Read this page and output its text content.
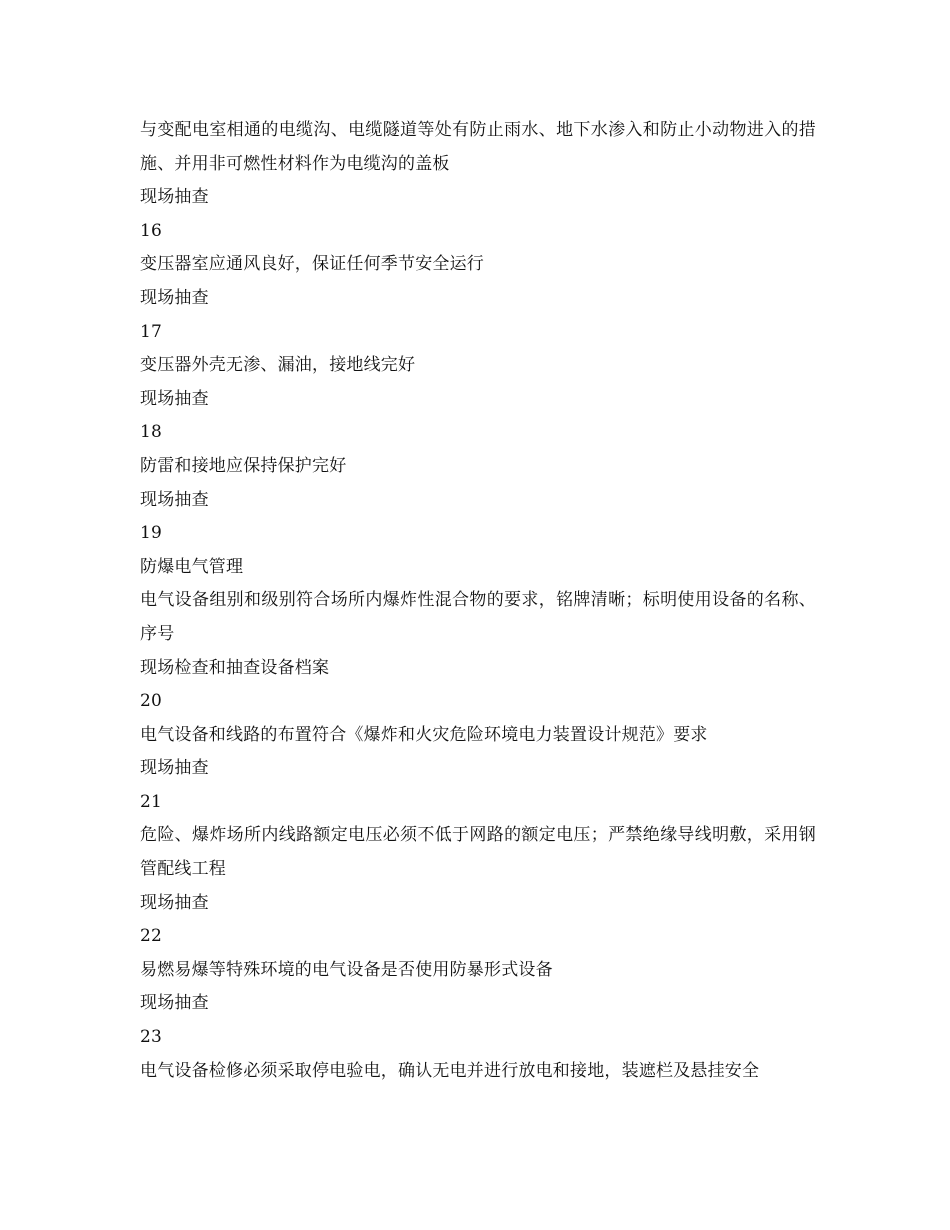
与变配电室相通的电缆沟、电缆隧道等处有防止雨水、地下水渗入和防止小动物进入的措施、并用非可燃性材料作为电缆沟的盖板
现场抽查
16
变压器室应通风良好，保证任何季节安全运行
现场抽查
17
变压器外壳无渗、漏油，接地线完好
现场抽查
18
防雷和接地应保持保护完好
现场抽查
19
防爆电气管理
电气设备组别和级别符合场所内爆炸性混合物的要求，铭牌清晰；标明使用设备的名称、序号
现场检查和抽查设备档案
20
电气设备和线路的布置符合《爆炸和火灾危险环境电力装置设计规范》要求
现场抽查
21
危险、爆炸场所内线路额定电压必须不低于网路的额定电压；严禁绝缘导线明敷，采用钢管配线工程
现场抽查
22
易燃易爆等特殊环境的电气设备是否使用防暴形式设备
现场抽查
23
电气设备检修必须采取停电验电，确认无电并进行放电和接地，装遮栏及悬挂安全
